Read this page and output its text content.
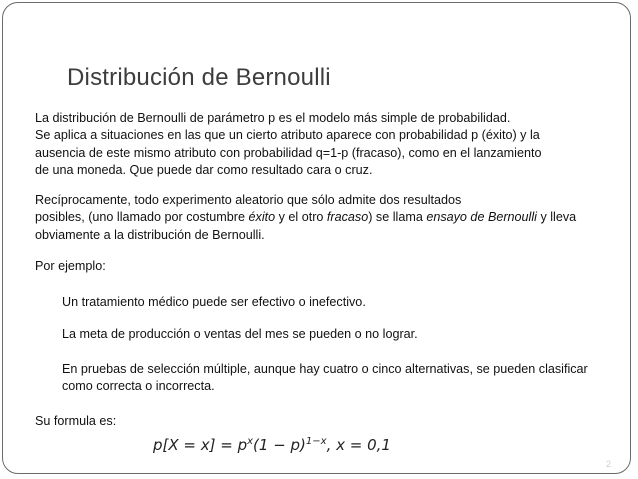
Distribución de Bernoulli
La distribución de Bernoulli de parámetro p es el modelo más simple de probabilidad.
Se aplica a situaciones en las que un cierto atributo aparece con probabilidad p (éxito) y la
ausencia de este mismo atributo con probabilidad q=1-p (fracaso), como en el lanzamiento
de una moneda. Que puede dar como resultado cara o cruz.
Recíprocamente, todo experimento aleatorio que sólo admite dos resultados
posibles, (uno llamado por costumbre éxito y el otro fracaso) se llama ensayo de Bernoulli y lleva obviamente a la distribución de Bernoulli.
Por ejemplo:
Un tratamiento médico puede ser efectivo o inefectivo.
La meta de producción o ventas del mes se pueden o no lograr.
En pruebas de selección múltiple, aunque hay cuatro o cinco alternativas, se pueden clasificar como correcta o incorrecta.
Su formula es:
$p[X = x] = p^x(1 - p)^{1-x}$, x = 0,1
2
